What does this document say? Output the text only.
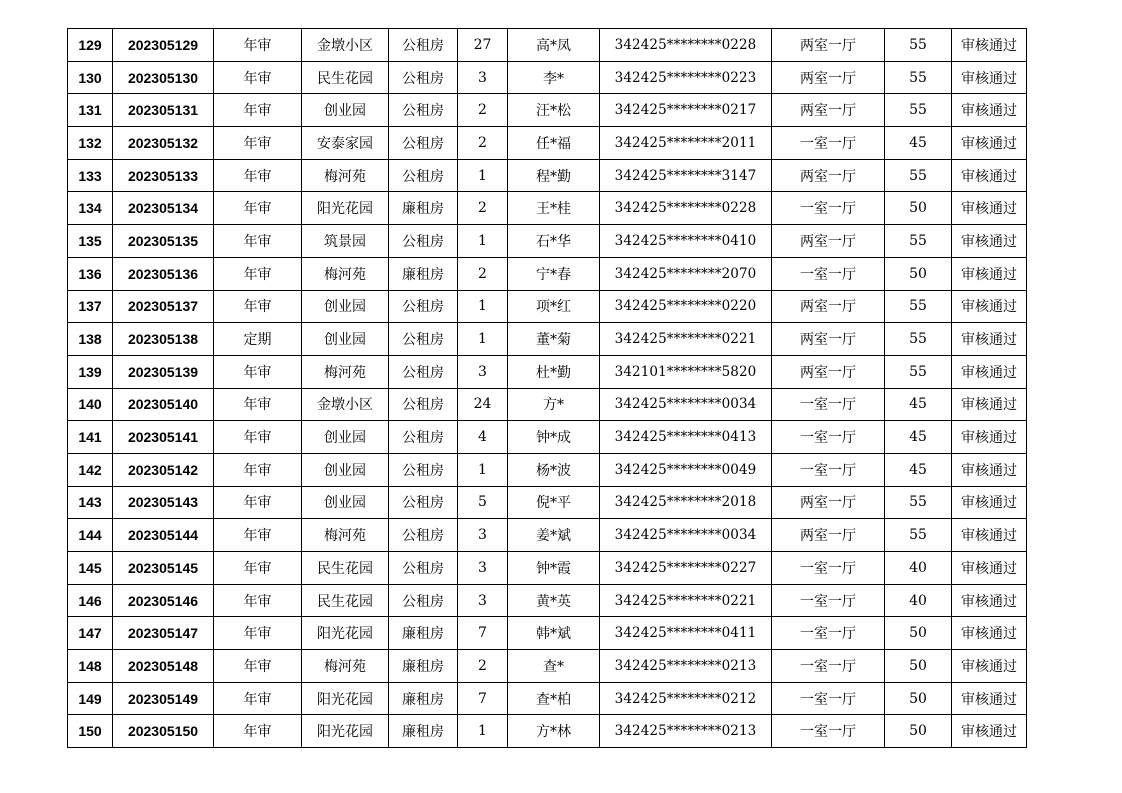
129	202305129	年审	金墩小区	公租房	27	高*凤	342425********0228	两室一厅	55	审核通过
130	202305130	年审	民生花园	公租房	3	李*	342425********0223	两室一厅	55	审核通过
131	202305131	年审	创业园	公租房	2	汪*松	342425********0217	两室一厅	55	审核通过
132	202305132	年审	安泰家园	公租房	2	任*福	342425********2011	一室一厅	45	审核通过
133	202305133	年审	梅河苑	公租房	1	程*勤	342425********3147	两室一厅	55	审核通过
134	202305134	年审	阳光花园	廉租房	2	王*桂	342425********0228	一室一厅	50	审核通过
135	202305135	年审	筑景园	公租房	1	石*华	342425********0410	两室一厅	55	审核通过
136	202305136	年审	梅河苑	廉租房	2	宁*春	342425********2070	一室一厅	50	审核通过
137	202305137	年审	创业园	公租房	1	项*红	342425********0220	两室一厅	55	审核通过
138	202305138	定期	创业园	公租房	1	董*菊	342425********0221	两室一厅	55	审核通过
139	202305139	年审	梅河苑	公租房	3	杜*勤	342101********5820	两室一厅	55	审核通过
140	202305140	年审	金墩小区	公租房	24	方*	342425********0034	一室一厅	45	审核通过
141	202305141	年审	创业园	公租房	4	钟*成	342425********0413	一室一厅	45	审核通过
142	202305142	年审	创业园	公租房	1	杨*波	342425********0049	一室一厅	45	审核通过
143	202305143	年审	创业园	公租房	5	倪*平	342425********2018	两室一厅	55	审核通过
144	202305144	年审	梅河苑	公租房	3	姜*斌	342425********0034	两室一厅	55	审核通过
145	202305145	年审	民生花园	公租房	3	钟*霞	342425********0227	一室一厅	40	审核通过
146	202305146	年审	民生花园	公租房	3	黄*英	342425********0221	一室一厅	40	审核通过
147	202305147	年审	阳光花园	廉租房	7	韩*斌	342425********0411	一室一厅	50	审核通过
148	202305148	年审	梅河苑	廉租房	2	查*	342425********0213	一室一厅	50	审核通过
149	202305149	年审	阳光花园	廉租房	7	查*柏	342425********0212	一室一厅	50	审核通过
150	202305150	年审	阳光花园	廉租房	1	方*林	342425********0213	一室一厅	50	审核通过
